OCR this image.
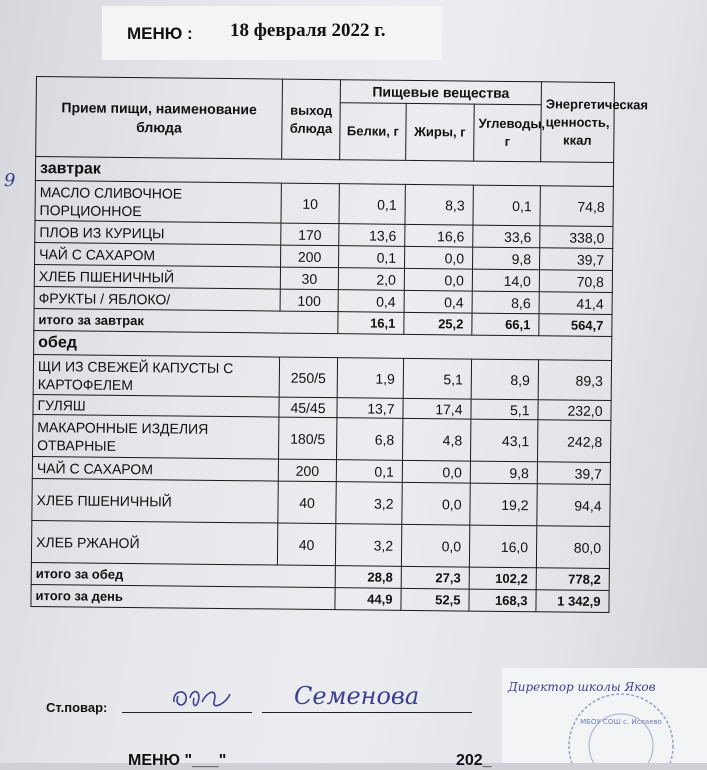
МЕНЮ : 18 февраля 2022 г.
9
Прием пищи, наименование блюда	выход блюда	Пищевые вещества			Энергетическая ценность, ккал
		Белки, г	Жиры, г	Углеводы, г	
завтрак					
МАСЛО СЛИВОЧНОЕ ПОРЦИОННОЕ	10	0,1	8,3	0,1	74,8
ПЛОВ ИЗ КУРИЦЫ	170	13,6	16,6	33,6	338,0
ЧАЙ С САХАРОМ	200	0,1	0,0	9,8	39,7
ХЛЕБ ПШЕНИЧНЫЙ	30	2,0	0,0	14,0	70,8
ФРУКТЫ / ЯБЛОКО/	100	0,4	0,4	8,6	41,4
итого за завтрак		16,1	25,2	66,1	564,7
обед					
ЩИ ИЗ СВЕЖЕЙ КАПУСТЫ С КАРТОФЕЛЕМ	250/5	1,9	5,1	8,9	89,3
ГУЛЯШ	45/45	13,7	17,4	5,1	232,0
МАКАРОННЫЕ ИЗДЕЛИЯ ОТВАРНЫЕ	180/5	6,8	4,8	43,1	242,8
ЧАЙ С САХАРОМ	200	0,1	0,0	9,8	39,7
ХЛЕБ ПШЕНИЧНЫЙ	40	3,2	0,0	19,2	94,4
ХЛЕБ РЖАНОЙ	40	3,2	0,0	16,0	80,0
итого за обед		28,8	27,3	102,2	778,2
итого за день		44,9	52,5	168,3	1 342,9
Ст.повар:	Семенова
МБОУ СОШ с. Ислаево
Директор школы Яков
МЕНЮ "___"	202_
